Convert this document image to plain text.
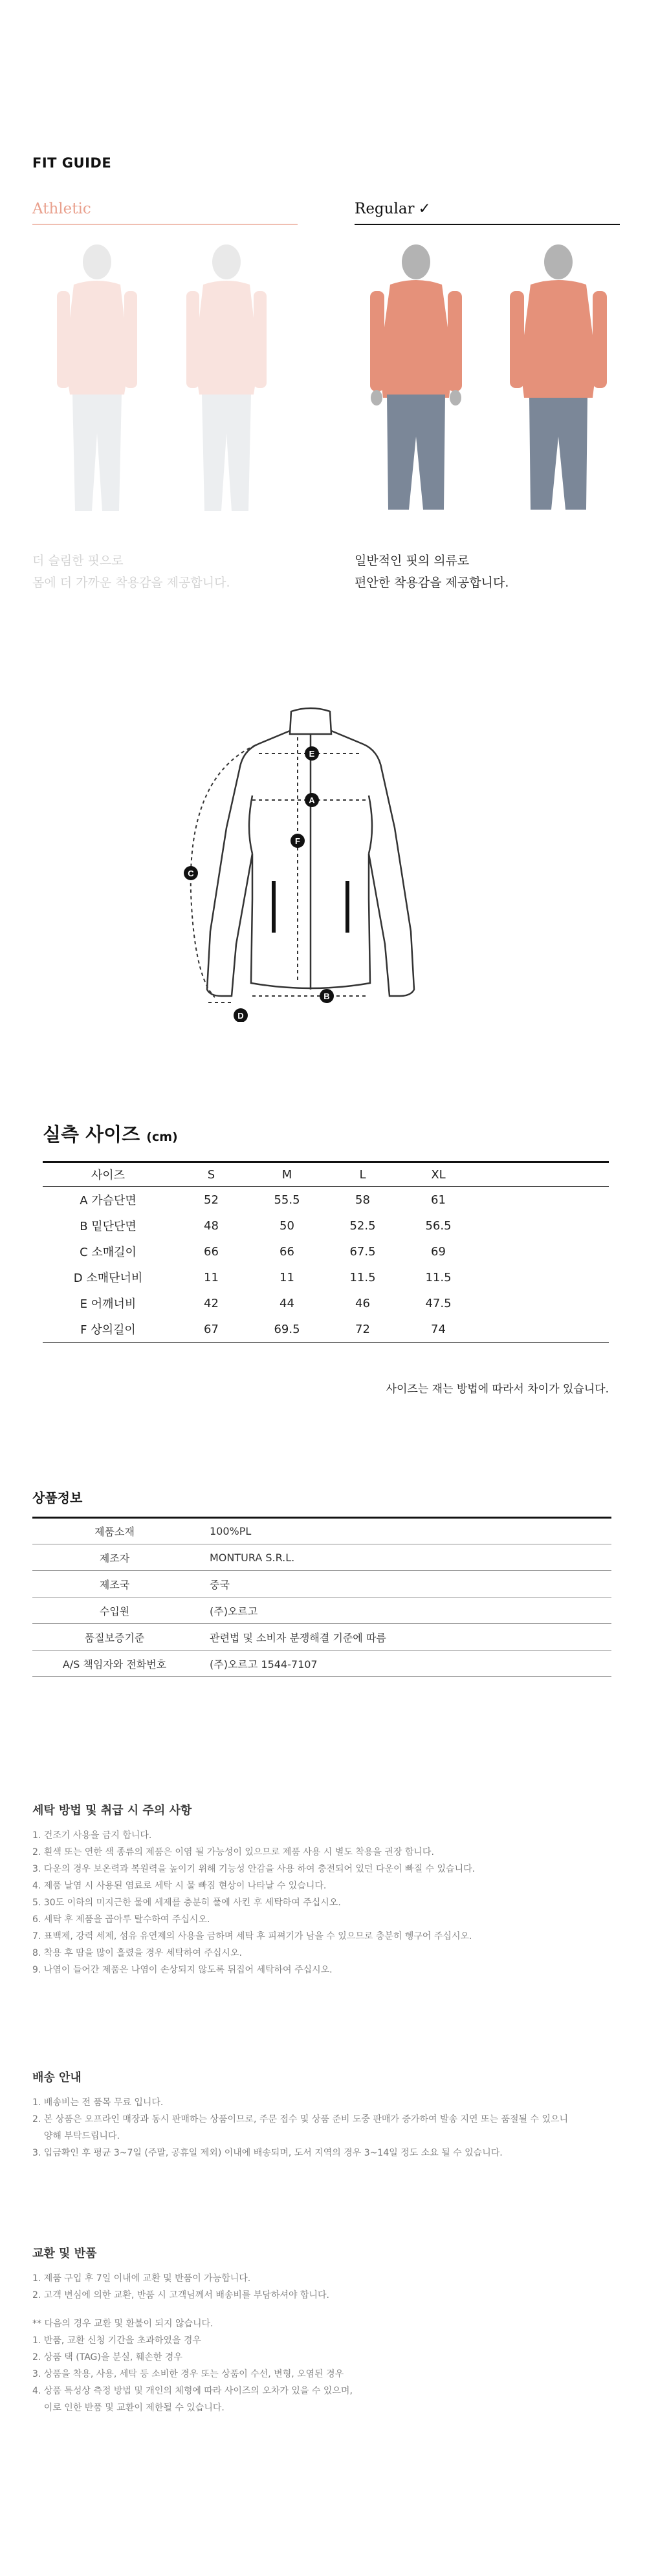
FIT GUIDE
Athletic
더 슬림한 핏으로
몸에 더 가까운 착용감을 제공합니다.
Regular ✓
일반적인 핏의 의류로
편안한 착용감을 제공합니다.
E
A
F
C
B
D
실측 사이즈 (cm)
사이즈	S	M	L	XL	
A 가슴단면	52	55.5	58	61	
B 밑단단면	48	50	52.5	56.5	
C 소매길이	66	66	67.5	69	
D 소매단너비	11	11	11.5	11.5	
E 어깨너비	42	44	46	47.5	
F 상의길이	67	69.5	72	74	
사이즈는 재는 방법에 따라서 차이가 있습니다.
상품정보
제품소재	100%PL
제조자	MONTURA S.R.L.
제조국	중국
수입원	(주)오르고
품질보증기준	관련법 및 소비자 분쟁해결 기준에 따름
A/S 책임자와 전화번호	(주)오르고 1544-7107
세탁 방법 및 취급 시 주의 사항
1. 건조기 사용을 금지 합니다.
2. 흰색 또는 연한 색 종류의 제품은 이염 될 가능성이 있으므로 제품 사용 시 별도 착용을 권장 합니다.
3. 다운의 경우 보온력과 복원력을 높이기 위해 기능성 안감을 사용 하여 충전되어 있던 다운이 빠질 수 있습니다.
4. 제품 날염 시 사용된 염료로 세탁 시 물 빠짐 현상이 나타날 수 있습니다.
5. 30도 이하의 미지근한 물에 세제를 충분히 풀에 사킨 후 세탁하여 주십시오.
6. 세탁 후 제품을 곱아루 탈수하여 주십시오.
7. 표백제, 강력 세제, 섬유 유연제의 사용을 금하며 세탁 후 피쪄기가 남을 수 있으므로 충분히 헹구어 주십시오.
8. 착용 후 땀을 많이 흘렸을 경우 세탁하여 주십시오.
9. 나염이 들어간 제품은 나염이 손상되지 않도록 뒤집어 세탁하여 주십시오.
배송 안내
1. 배송비는 전 품목 무료 입니다.
2. 본 상품은 오프라인 매장과 동시 판매하는 상품이므로, 주문 접수 및 상품 준비 도중 판매가 증가하여 발송 지연 또는 품절될 수 있으니
양해 부탁드립니다.
3. 입금확인 후 평균 3~7일 (주말, 공휴일 제외) 이내에 배송되며, 도서 지역의 경우 3~14일 정도 소요 될 수 있습니다.
교환 및 반품
1. 제품 구입 후 7일 이내에 교환 및 반품이 가능합니다.
2. 고객 변심에 의한 교환, 반품 시 고객님께서 배송비를 부담하셔야 합니다.
** 다음의 경우 교환 및 환불이 되지 않습니다.
1. 반품, 교환 신청 기간을 초과하였을 경우
2. 상품 택 (TAG)을 분실, 훼손한 경우
3. 상품을 착용, 사용, 세탁 등 소비한 경우 또는 상품이 수선, 변형, 오염된 경우
4. 상품 특성상 측정 방법 및 개인의 체형에 따라 사이즈의 오차가 있을 수 있으며,
이로 인한 반품 및 교환이 제한될 수 있습니다.
